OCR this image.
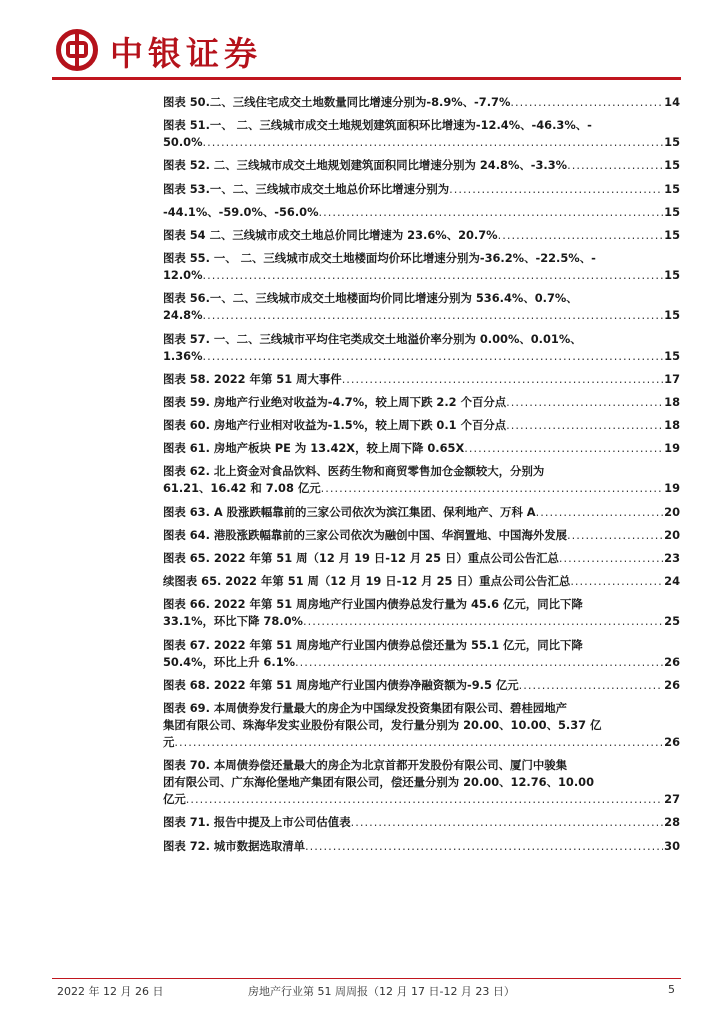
中银证券
图表 50.二、三线住宅成交土地数量同比增速分别为-8.9%、-7.7% .....	14
图表 51.一、 二、三线城市成交土地规划建筑面积环比增速为-12.4%、-46.3%、-
50.0% .....	15
图表 52. 二、三线城市成交土地规划建筑面积同比增速分别为 24.8%、-3.3% .....	15
图表 53.一、二、三线城市成交土地总价环比增速分别为 .....	15
-44.1%、-59.0%、-56.0% .....	15
图表 54 二、三线城市成交土地总价同比增速为 23.6%、20.7% .....	15
图表 55. 一、 二、三线城市成交土地楼面均价环比增速分别为-36.2%、-22.5%、-
12.0% .....	15
图表 56.一、二、三线城市成交土地楼面均价同比增速分别为 536.4%、0.7%、
24.8% .....	15
图表 57. 一、二、三线城市平均住宅类成交土地溢价率分别为 0.00%、0.01%、
1.36% .....	15
图表 58. 2022 年第 51 周大事件 .....	17
图表 59. 房地产行业绝对收益为-4.7%，较上周下跌 2.2 个百分点 .....	18
图表 60. 房地产行业相对收益为-1.5%，较上周下跌 0.1 个百分点 .....	18
图表 61. 房地产板块 PE 为 13.42X，较上周下降 0.65X .....	19
图表 62. 北上资金对食品饮料、医药生物和商贸零售加仓金额较大，分别为
61.21、16.42 和 7.08 亿元 .....	19
图表 63. A 股涨跌幅靠前的三家公司依次为滨江集团、保利地产、万科 A .....	20
图表 64. 港股涨跌幅靠前的三家公司依次为融创中国、华润置地、中国海外发展 .....	20
图表 65. 2022 年第 51 周（12 月 19 日-12 月 25 日）重点公司公告汇总 .....	23
续图表 65. 2022 年第 51 周（12 月 19 日-12 月 25 日）重点公司公告汇总 .....	24
图表 66. 2022 年第 51 周房地产行业国内债券总发行量为 45.6 亿元，同比下降
33.1%，环比下降 78.0% .....	25
图表 67. 2022 年第 51 周房地产行业国内债券总偿还量为 55.1 亿元，同比下降
50.4%，环比上升 6.1% .....	26
图表 68. 2022 年第 51 周房地产行业国内债券净融资额为-9.5 亿元 .....	26
图表 69. 本周债券发行量最大的房企为中国绿发投资集团有限公司、碧桂园地产
集团有限公司、珠海华发实业股份有限公司，发行量分别为 20.00、10.00、5.37 亿
元 .....	26
图表 70. 本周债券偿还量最大的房企为北京首都开发股份有限公司、厦门中骏集
团有限公司、广东海伦堡地产集团有限公司，偿还量分别为 20.00、12.76、10.00
亿元 .....	27
图表 71. 报告中提及上市公司估值表 .....	28
图表 72. 城市数据选取清单 .....	30
2022 年 12 月 26 日	房地产行业第 51 周周报（12 月 17 日-12 月 23 日）	5
